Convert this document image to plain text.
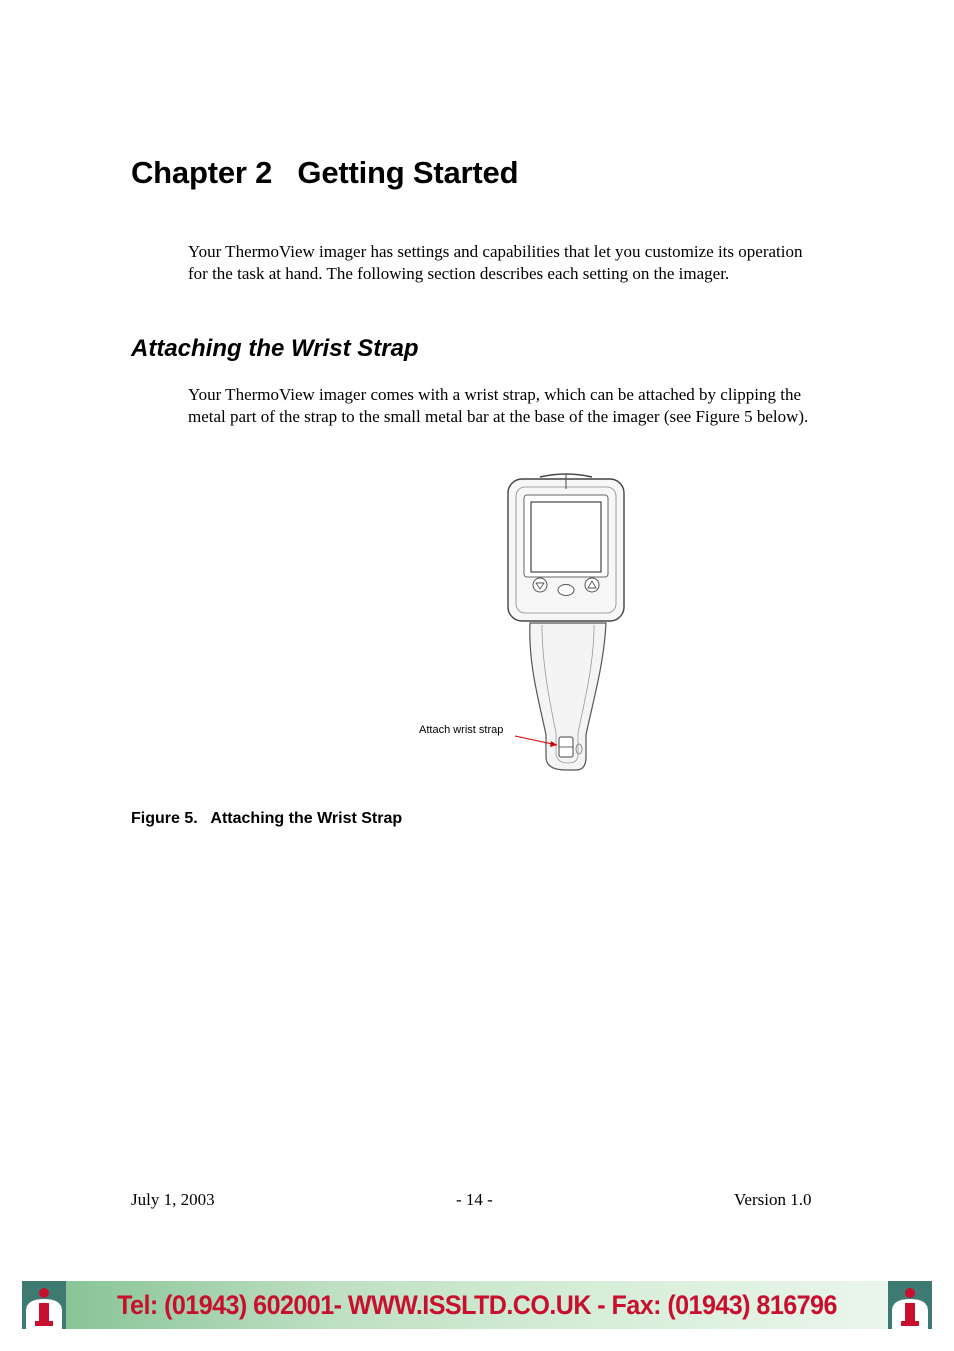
Chapter 2   Getting Started

Your ThermoView imager has settings and capabilities that let you customize its operation for the task at hand. The following section describes each setting on the imager.

Attaching the Wrist Strap

Your ThermoView imager comes with a wrist strap, which can be attached by clipping the metal part of the strap to the small metal bar at the base of the imager (see Figure 5 below).

Attach wrist strap
Figure 5.   Attaching the Wrist Strap
July 1, 2003	- 14 -	Version 1.0
Tel: (01943) 602001- WWW.ISSLTD.CO.UK - Fax: (01943) 816796
